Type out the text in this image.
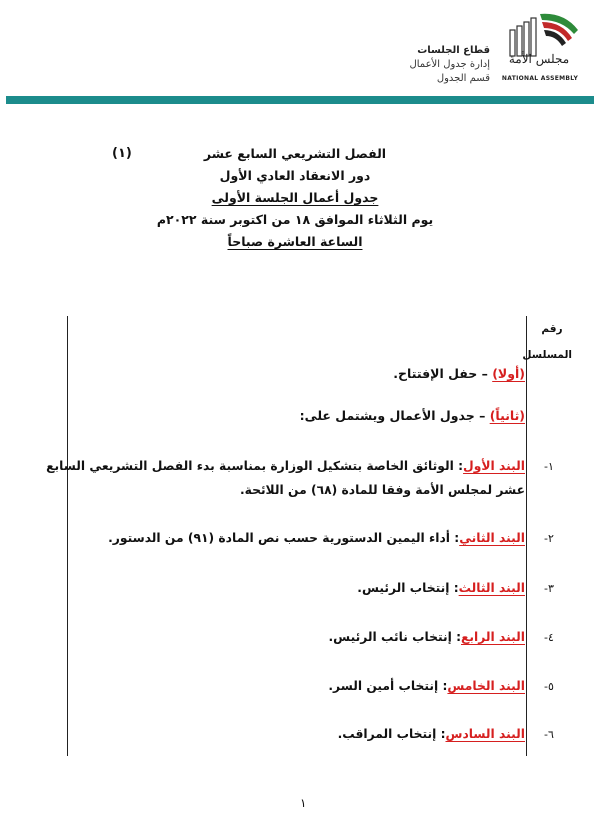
مجلس الأمة
NATIONAL ASSEMBLY
قطاع الجلسات
إدارة جدول الأعمال
قسم الجدول
(١)	الفصل التشريعي السابع عشر
دور الانعقاد العادي الأول
جدول أعمال الجلسة الأولى
يوم الثلاثاء الموافق ١٨ من اكتوبر سنة ٢٠٢٢م
الساعة العاشرة صباحاً
رقم
المسلسل
(أولا) – حفل الإفتتاح.
(ثانياً) – جدول الأعمال ويشتمل على:
-١
البند الأول: الوثائق الخاصة بتشكيل الوزارة بمناسبة بدء الفصل التشريعي السابع
عشر لمجلس الأمة وفقا للمادة (٦٨) من اللائحة.
-٢
البند الثاني: أداء اليمين الدستورية حسب نص المادة (٩١) من الدستور.
-٣
البند الثالث: إنتخاب الرئيس.
-٤
البند الرابع: إنتخاب نائب الرئيس.
-٥
البند الخامس: إنتخاب أمين السر.
-٦
البند السادس: إنتخاب المراقب.
١
